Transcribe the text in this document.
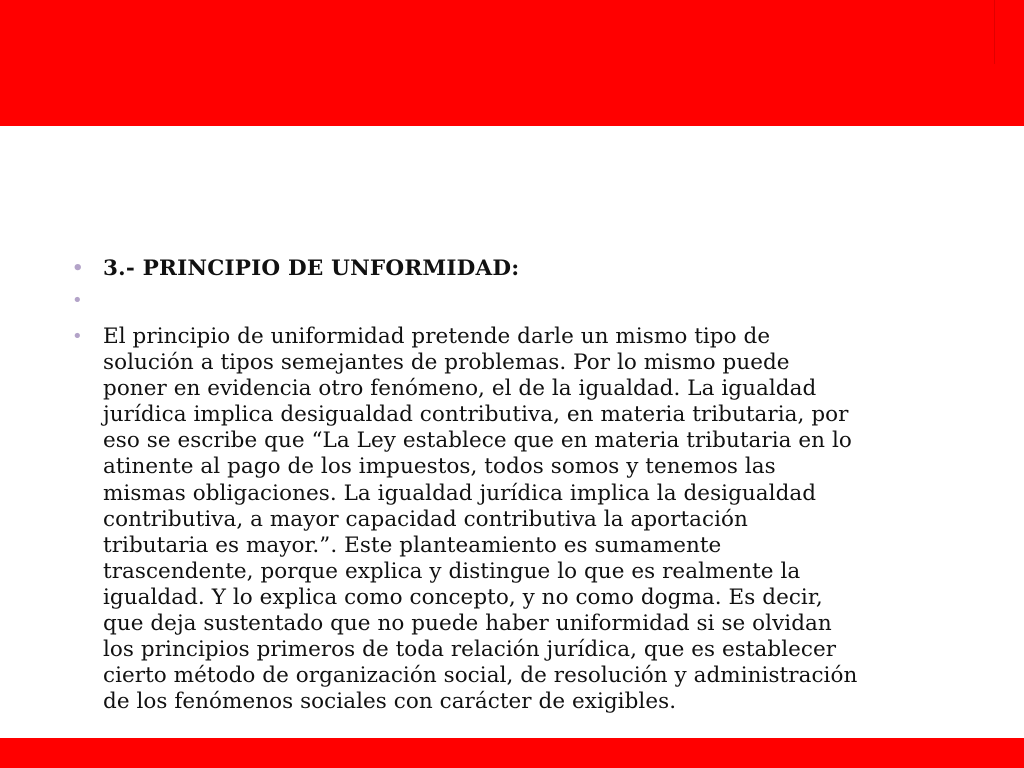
• 3.- PRINCIPIO DE UNFORMIDAD:
•
• El principio de uniformidad pretende darle un mismo tipo de
solución a tipos semejantes de problemas. Por lo mismo puede
poner en evidencia otro fenómeno, el de la igualdad. La igualdad
jurídica implica desigualdad contributiva, en materia tributaria, por
eso se escribe que “La Ley establece que en materia tributaria en lo
atinente al pago de los impuestos, todos somos y tenemos las
mismas obligaciones. La igualdad jurídica implica la desigualdad
contributiva, a mayor capacidad contributiva la aportación
tributaria es mayor.”. Este planteamiento es sumamente
trascendente, porque explica y distingue lo que es realmente la
igualdad. Y lo explica como concepto, y no como dogma. Es decir,
que deja sustentado que no puede haber uniformidad si se olvidan
los principios primeros de toda relación jurídica, que es establecer
cierto método de organización social, de resolución y administración
de los fenómenos sociales con carácter de exigibles.
